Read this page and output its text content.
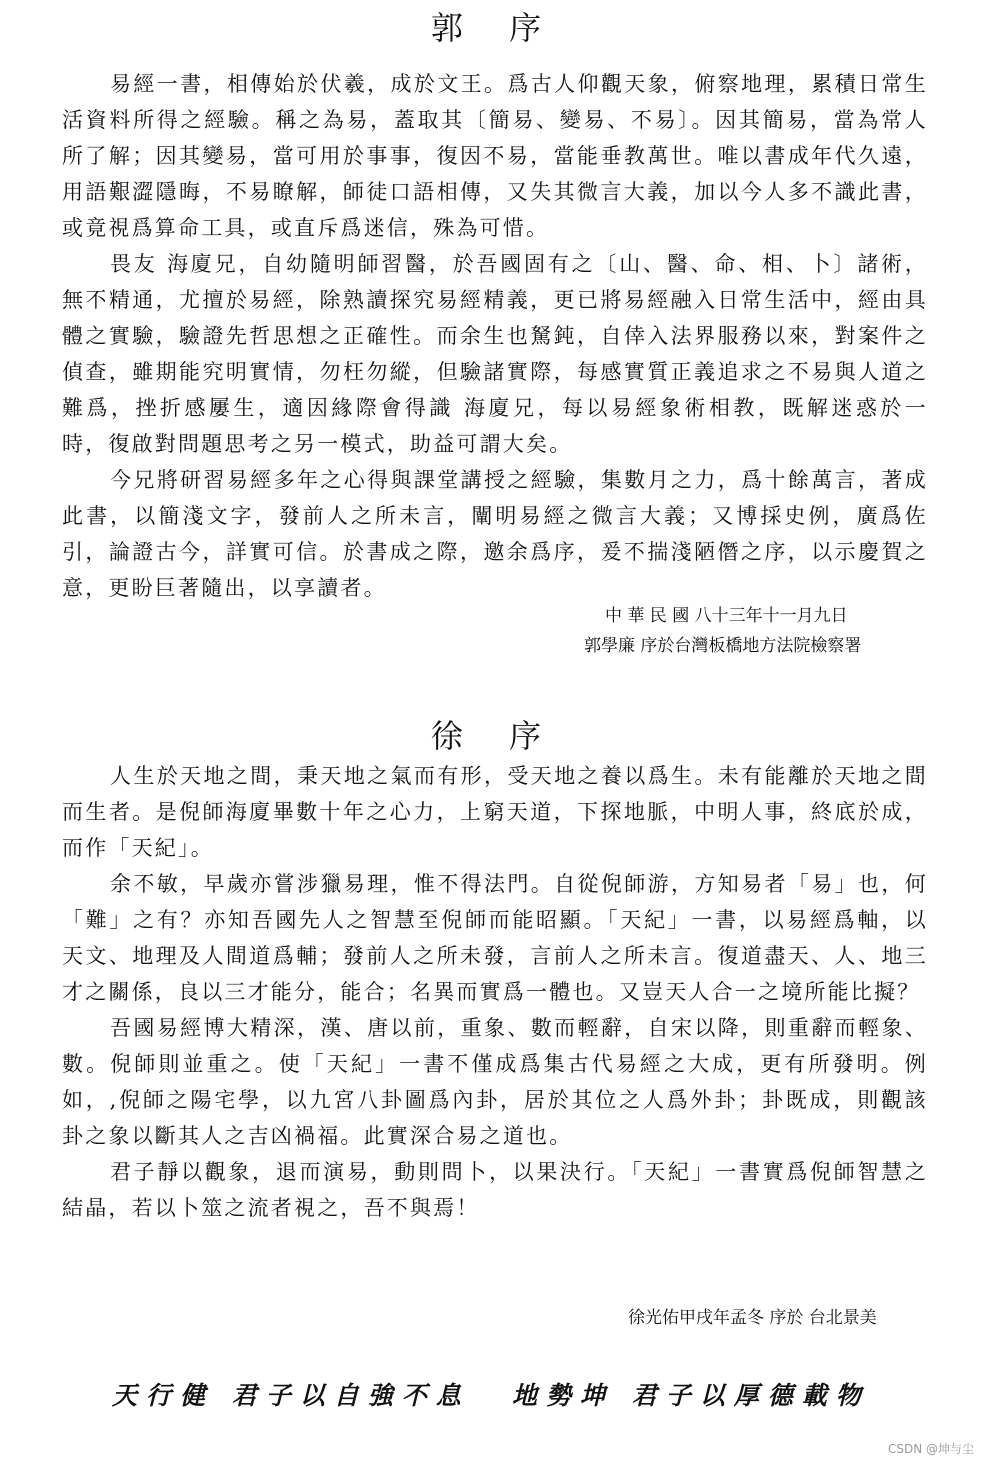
郭 序

易經一書，相傳始於伏羲，成於文王。爲古人仰觀天象，俯察地理，累積日常生活資料所得之經驗。稱之為易，蓋取其〔簡易、變易、不易〕。因其簡易，當為常人所了解；因其變易，當可用於事事，復因不易，當能垂教萬世。唯以書成年代久遠，用語艱澀隱晦，不易瞭解，師徒口語相傳，又失其微言大義，加以今人多不識此書，或竟視爲算命工具，或直斥爲迷信，殊為可惜。

畏友 海廈兄，自幼隨明師習醫，於吾國固有之〔山、醫、命、相、卜〕諸術，無不精通，尤擅於易經，除熟讀探究易經精義，更已將易經融入日常生活中，經由具體之實驗，驗證先哲思想之正確性。而余生也駑鈍，自倖入法界服務以來，對案件之偵查，雖期能究明實情，勿枉勿縱，但驗諸實際，每感實質正義追求之不易與人道之難爲，挫折感屢生，適因緣際會得識 海廈兄，每以易經象術相教，既解迷惑於一時，復啟對問題思考之另一模式，助益可謂大矣。

今兄將研習易經多年之心得與課堂講授之經驗，集數月之力，爲十餘萬言，著成此書，以簡淺文字，發前人之所未言，闡明易經之微言大義；又博採史例，廣爲佐引，論證古今，詳實可信。於書成之際，邀余爲序，爰不揣淺陋僭之序，以示慶賀之意，更盼巨著隨出，以享讀者。

中 華 民 國 八十三年十一月九日
郭學廉 序於台灣板橋地方法院檢察署
徐 序

人生於天地之間，秉天地之氣而有形，受天地之養以爲生。未有能離於天地之間而生者。是倪師海廈畢數十年之心力，上窮天道，下探地脈，中明人事，終底於成，而作「天紀」。

余不敏，早歲亦嘗涉獵易理，惟不得法門。自從倪師游，方知易者「易」也，何「難」之有？亦知吾國先人之智慧至倪師而能昭顯。「天紀」一書，以易經爲軸，以天文、地理及人間道爲輔；發前人之所未發，言前人之所未言。復道盡天、人、地三才之關係，良以三才能分，能合；名異而實爲一體也。又豈天人合一之境所能比擬？

吾國易經博大精深，漢、唐以前，重象、數而輕辭，自宋以降，則重辭而輕象、數。倪師則並重之。使「天紀」一書不僅成爲集古代易經之大成，更有所發明。例如，,倪師之陽宅學，以九宮八卦圖爲內卦，居於其位之人爲外卦；卦既成，則觀該卦之象以斷其人之吉凶禍福。此實深合易之道也。

君子靜以觀象，退而演易，動則問卜，以果決行。「天紀」一書實爲倪師智慧之結晶，若以卜筮之流者視之，吾不與焉！

徐光佑甲戌年孟冬 序於 台北景美
天行健 君子以自強不息 地勢坤 君子以厚德載物
CSDN @坤与尘
